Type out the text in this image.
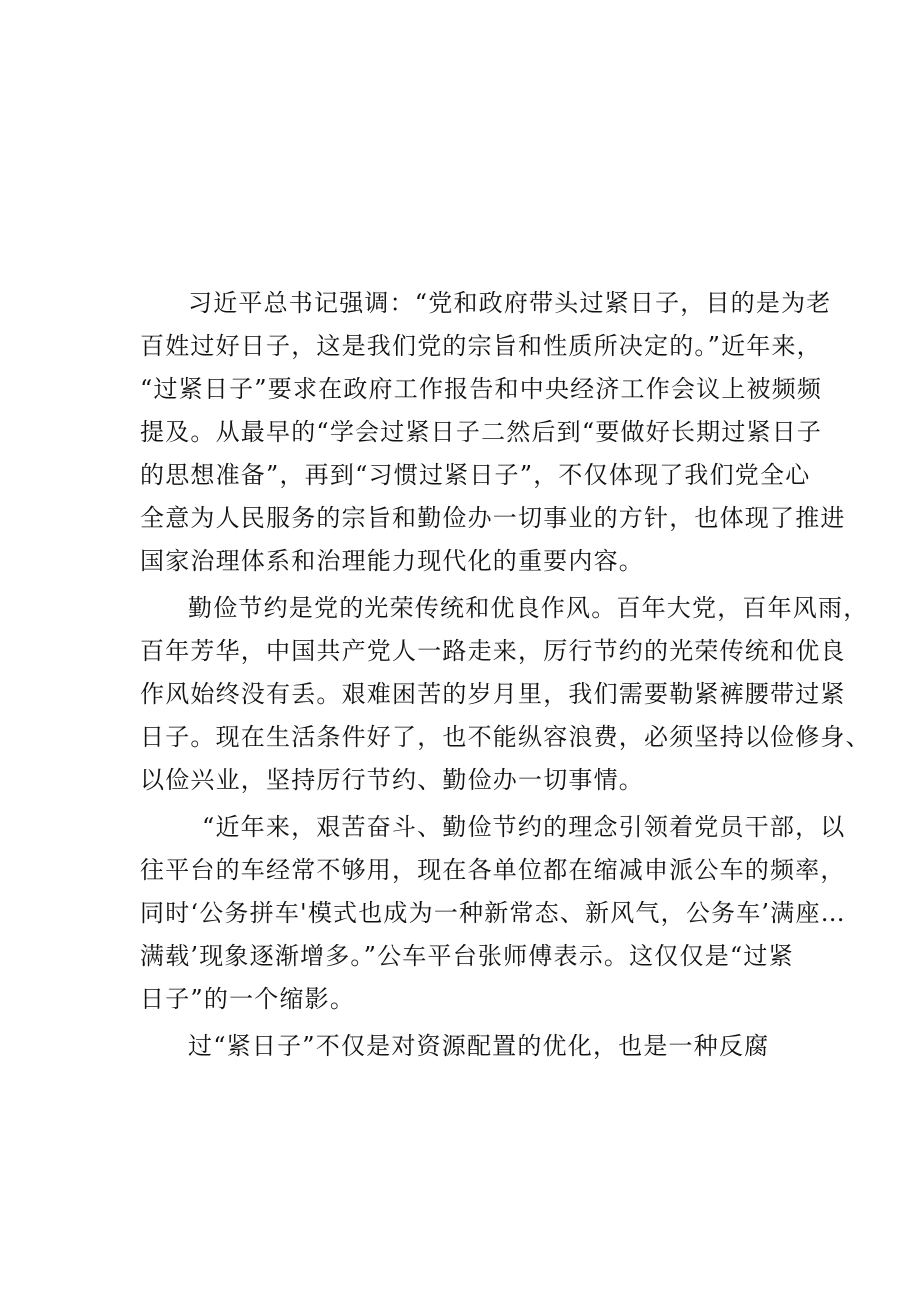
习近平总书记强调：“党和政府带头过紧日子，目的是为老
百姓过好日子，这是我们党的宗旨和性质所决定的。”近年来，
“过紧日子”要求在政府工作报告和中央经济工作会议上被频频
提及。从最早的“学会过紧日子二然后到“要做好长期过紧日子
的思想准备”，再到“习惯过紧日子”，不仅体现了我们党全心
全意为人民服务的宗旨和勤俭办一切事业的方针，也体现了推进
国家治理体系和治理能力现代化的重要内容。
勤俭节约是党的光荣传统和优良作风。百年大党，百年风雨，
百年芳华，中国共产党人一路走来，厉行节约的光荣传统和优良
作风始终没有丢。艰难困苦的岁月里，我们需要勒紧裤腰带过紧
日子。现在生活条件好了，也不能纵容浪费，必须坚持以俭修身、
以俭兴业，坚持厉行节约、勤俭办一切事情。
“近年来，艰苦奋斗、勤俭节约的理念引领着党员干部，以
往平台的车经常不够用，现在各单位都在缩减申派公车的频率，
同时‘公务拼车'模式也成为一种新常态、新风气，公务车’满座…
满载’现象逐渐增多。”公车平台张师傅表示。这仅仅是“过紧
日子”的一个缩影。
过“紧日子”不仅是对资源配置的优化，也是一种反腐
